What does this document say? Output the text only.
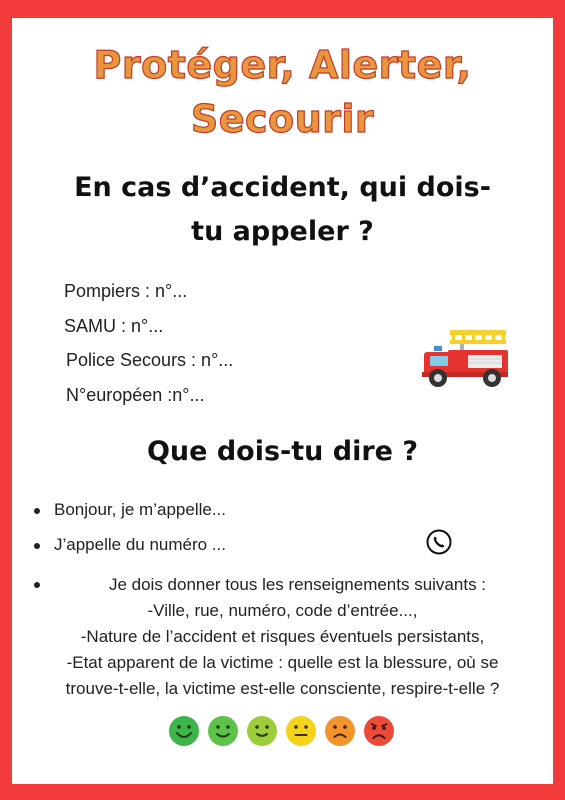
Protéger, Alerter,
Secourir
En cas d’accident, qui dois-
tu appeler ?
Pompiers : n°...
SAMU : n°...
Police Secours : n°...
N°européen :n°...
Que dois-tu dire ?
Bonjour, je m’appelle...
J’appelle du numéro ...
Je dois donner tous les renseignements suivants :
-Ville, rue, numéro, code d’entrée...,
-Nature de l’accident et risques éventuels persistants,
-Etat apparent de la victime : quelle est la blessure, où se
trouve-t-elle, la victime est-elle consciente, respire-t-elle ?
